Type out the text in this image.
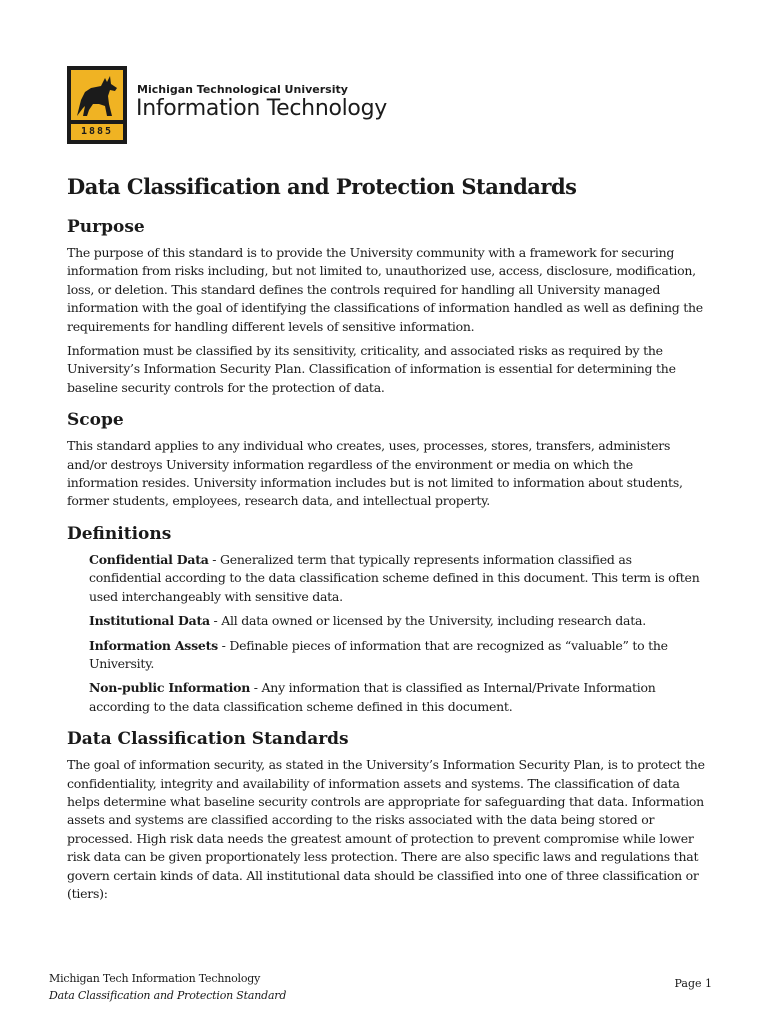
1885
Michigan Technological University
Information Technology
Data Classification and Protection Standards
Purpose

The purpose of this standard is to provide the University community with a framework for securing information from risks including, but not limited to, unauthorized use, access, disclosure, modification, loss, or deletion. This standard defines the controls required for handling all University managed information with the goal of identifying the classifications of information handled as well as defining the requirements for handling different levels of sensitive information.

Information must be classified by its sensitivity, criticality, and associated risks as required by the University’s Information Security Plan. Classification of information is essential for determining the baseline security controls for the protection of data.

Scope

This standard applies to any individual who creates, uses, processes, stores, transfers, administers and/or destroys University information regardless of the environment or media on which the information resides. University information includes but is not limited to information about students, former students, employees, research data, and intellectual property.

Definitions

Confidential Data - Generalized term that typically represents information classified as confidential according to the data classification scheme defined in this document. This term is often used interchangeably with sensitive data.

Institutional Data - All data owned or licensed by the University, including research data.

Information Assets - Definable pieces of information that are recognized as “valuable” to the University.

Non-public Information - Any information that is classified as Internal/Private Information according to the data classification scheme defined in this document.

Data Classification Standards

The goal of information security, as stated in the University’s Information Security Plan, is to protect the confidentiality, integrity and availability of information assets and systems. The classification of data helps determine what baseline security controls are appropriate for safeguarding that data. Information assets and systems are classified according to the risks associated with the data being stored or processed. High risk data needs the greatest amount of protection to prevent compromise while lower risk data can be given proportionately less protection. There are also specific laws and regulations that govern certain kinds of data. All institutional data should be classified into one of three classification or (tiers):

Michigan Tech Information Technology
Data Classification and Protection Standard
Page 1
